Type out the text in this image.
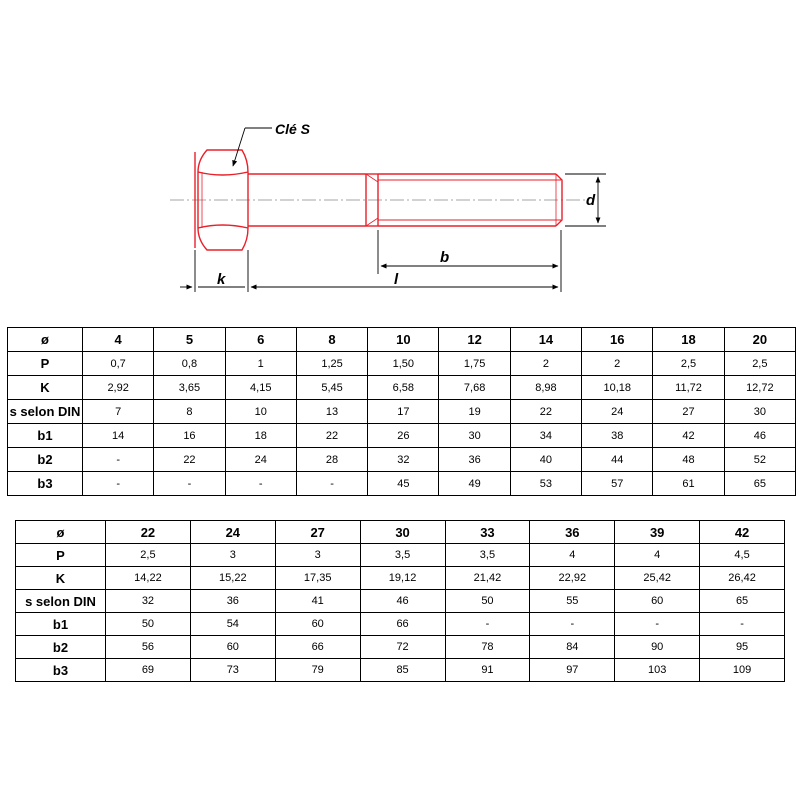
Clé S
d
b
k	l
ø	4	5	6	8	10	12	14	16	18	20
P	0,7	0,8	1	1,25	1,50	1,75	2	2	2,5	2,5
K	2,92	3,65	4,15	5,45	6,58	7,68	8,98	10,18	11,72	12,72
s selon DIN	7	8	10	13	17	19	22	24	27	30
b1	14	16	18	22	26	30	34	38	42	46
b2	-	22	24	28	32	36	40	44	48	52
b3	-	-	-	-	45	49	53	57	61	65
ø	22	24	27	30	33	36	39	42
P	2,5	3	3	3,5	3,5	4	4	4,5
K	14,22	15,22	17,35	19,12	21,42	22,92	25,42	26,42
s selon DIN	32	36	41	46	50	55	60	65
b1	50	54	60	66	-	-	-	-
b2	56	60	66	72	78	84	90	95
b3	69	73	79	85	91	97	103	109
